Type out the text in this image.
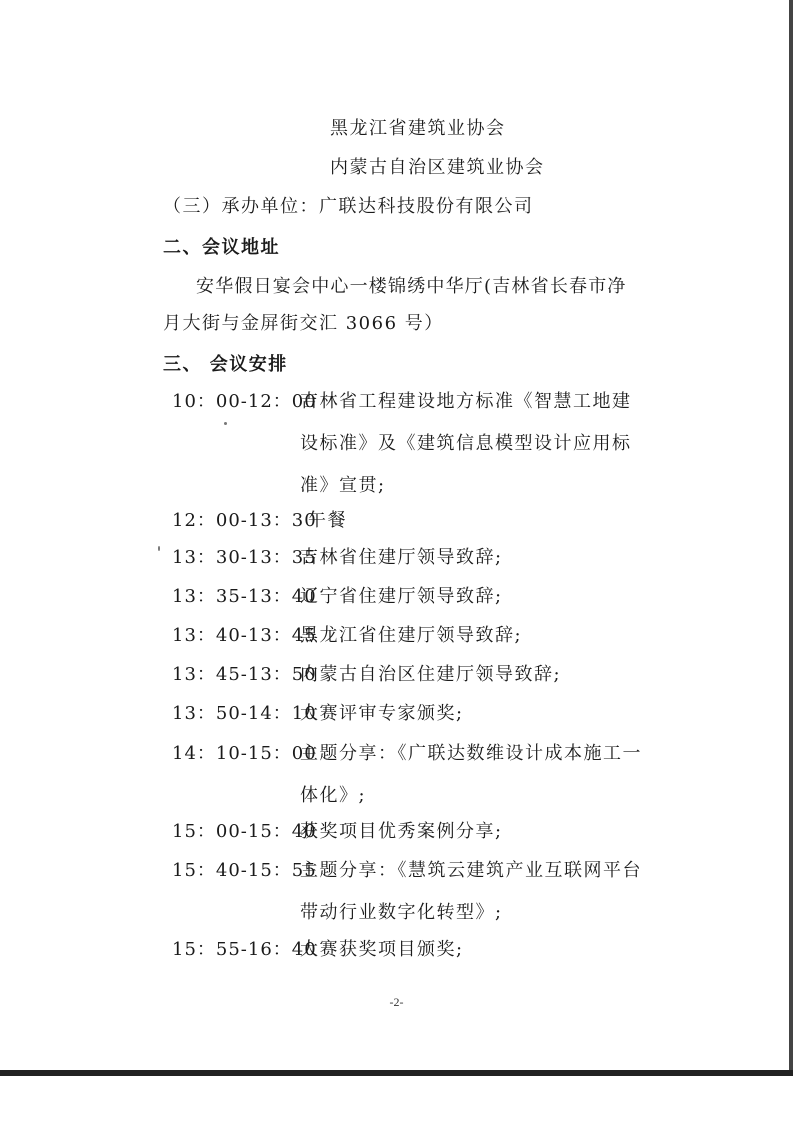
黑龙江省建筑业协会
内蒙古自治区建筑业协会
（三）承办单位：广联达科技股份有限公司
二、会议地址
安华假日宴会中心一楼锦绣中华厅(吉林省长春市净
月大街与金屏街交汇 3066 号）
三、 会议安排
10：00-12：00
吉林省工程建设地方标准《智慧工地建设标准》及《建筑信息模型设计应用标准》宣贯;
12：00-13：30
午餐
13：30-13：35
吉林省住建厅领导致辞;
13：35-13：40
辽宁省住建厅领导致辞;
13：40-13：45
黑龙江省住建厅领导致辞;
13：45-13：50
内蒙古自治区住建厅领导致辞;
13：50-14：10
大赛评审专家颁奖;
14：10-15：00
主题分享：《广联达数维设计成本施工一体化》;
15：00-15：40
获奖项目优秀案例分享;
15：40-15：55
主题分享：《慧筑云建筑产业互联网平台带动行业数字化转型》;
15：55-16：40
大赛获奖项目颁奖;
-2-
